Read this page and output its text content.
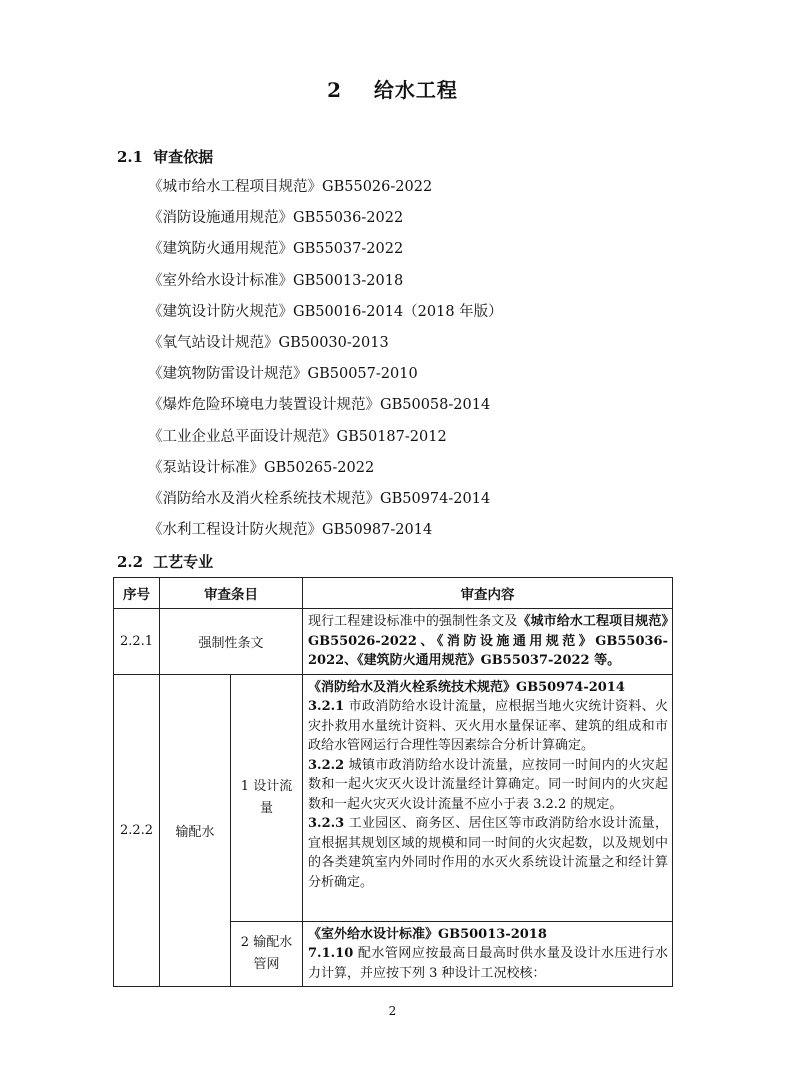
2 给水工程
2.1 审查依据
《城市给水工程项目规范》GB55026-2022
《消防设施通用规范》GB55036-2022
《建筑防火通用规范》GB55037-2022
《室外给水设计标准》GB50013-2018
《建筑设计防火规范》GB50016-2014（2018 年版）
《氧气站设计规范》GB50030-2013
《建筑物防雷设计规范》GB50057-2010
《爆炸危险环境电力装置设计规范》GB50058-2014
《工业企业总平面设计规范》GB50187-2012
《泵站设计标准》GB50265-2022
《消防给水及消火栓系统技术规范》GB50974-2014
《水利工程设计防火规范》GB50987-2014
2.2 工艺专业
序号	审查条目		审查内容
2.2.1	强制性条文		现行工程建设标准中的强制性条文及《城市给水工程项目规范》GB55026-2022、《消防设施通用规范》GB55036-2022、《建筑防火通用规范》GB55037-2022 等。
2.2.2	输配水	1 设计流量	《消防给水及消火栓系统技术规范》GB50974-2014

3.2.1 市政消防给水设计流量，应根据当地火灾统计资料、火灾扑救用水量统计资料、灭火用水量保证率、建筑的组成和市政给水管网运行合理性等因素综合分析计算确定。

3.2.2 城镇市政消防给水设计流量，应按同一时间内的火灾起数和一起火灾灭火设计流量经计算确定。同一时间内的火灾起数和一起火灾灭火设计流量不应小于表 3.2.2 的规定。

3.2.3 工业园区、商务区、居住区等市政消防给水设计流量，宜根据其规划区域的规模和同一时间的火灾起数，以及规划中的各类建筑室内外同时作用的水灭火系统设计流量之和经计算分析确定。

		2 输配水管网	《室外给水设计标准》GB50013-2018

7.1.10 配水管网应按最高日最高时供水量及设计水压进行水力计算，并应按下列 3 种设计工况校核：

2
